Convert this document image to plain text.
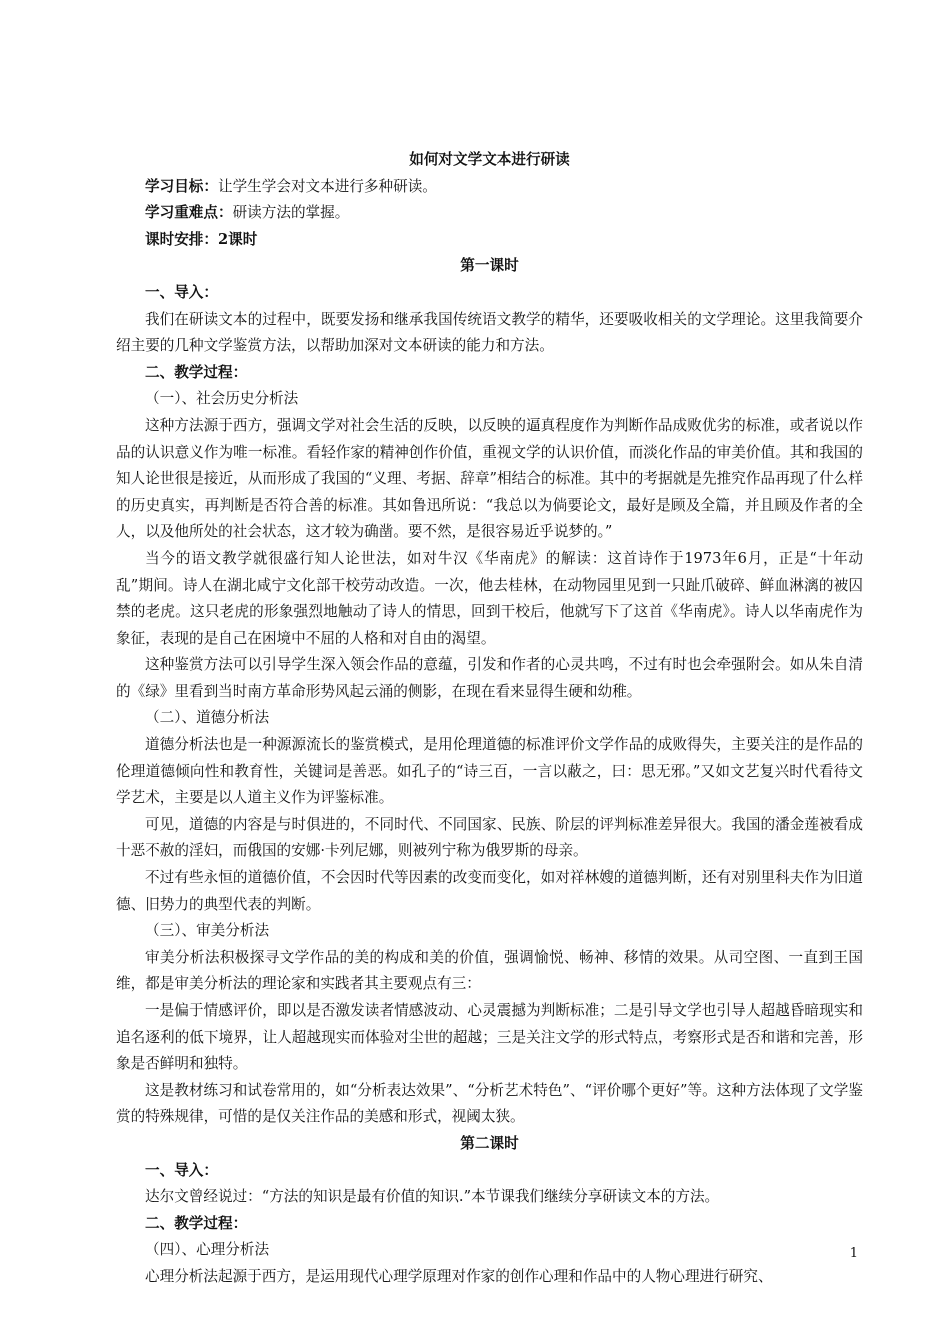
如何对文学文本进行研读

学习目标：让学生学会对文本进行多种研读。

学习重难点：研读方法的掌握。

课时安排：2课时

第一课时

一、导入：

我们在研读文本的过程中，既要发扬和继承我国传统语文教学的精华，还要吸收相关的文学理论。这里我简要介绍主要的几种文学鉴赏方法，以帮助加深对文本研读的能力和方法。

二、教学过程：

（一）、社会历史分析法

这种方法源于西方，强调文学对社会生活的反映，以反映的逼真程度作为判断作品成败优劣的标准，或者说以作品的认识意义作为唯一标准。看轻作家的精神创作价值，重视文学的认识价值，而淡化作品的审美价值。其和我国的知人论世很是接近，从而形成了我国的“义理、考据、辞章”相结合的标准。其中的考据就是先推究作品再现了什么样的历史真实，再判断是否符合善的标准。其如鲁迅所说：“我总以为倘要论文，最好是顾及全篇，并且顾及作者的全人，以及他所处的社会状态，这才较为确凿。要不然，是很容易近乎说梦的。”

当今的语文教学就很盛行知人论世法，如对牛汉《华南虎》的解读：这首诗作于1973年6月，正是“十年动乱”期间。诗人在湖北咸宁文化部干校劳动改造。一次，他去桂林，在动物园里见到一只趾爪破碎、鲜血淋漓的被囚禁的老虎。这只老虎的形象强烈地触动了诗人的情思，回到干校后，他就写下了这首《华南虎》。诗人以华南虎作为象征，表现的是自己在困境中不屈的人格和对自由的渴望。

这种鉴赏方法可以引导学生深入领会作品的意蕴，引发和作者的心灵共鸣，不过有时也会牵强附会。如从朱自清的《绿》里看到当时南方革命形势风起云涌的侧影，在现在看来显得生硬和幼稚。

（二）、道德分析法

道德分析法也是一种源源流长的鉴赏模式，是用伦理道德的标准评价文学作品的成败得失，主要关注的是作品的伦理道德倾向性和教育性，关键词是善恶。如孔子的“诗三百，一言以蔽之，曰：思无邪。”又如文艺复兴时代看待文学艺术，主要是以人道主义作为评鉴标准。

可见，道德的内容是与时俱进的，不同时代、不同国家、民族、阶层的评判标准差异很大。我国的潘金莲被看成十恶不赦的淫妇，而俄国的安娜·卡列尼娜，则被列宁称为俄罗斯的母亲。

不过有些永恒的道德价值，不会因时代等因素的改变而变化，如对祥林嫂的道德判断，还有对别里科夫作为旧道德、旧势力的典型代表的判断。

（三）、审美分析法

审美分析法积极探寻文学作品的美的构成和美的价值，强调愉悦、畅神、移情的效果。从司空图、一直到王国维，都是审美分析法的理论家和实践者其主要观点有三：

一是偏于情感评价，即以是否激发读者情感波动、心灵震撼为判断标准；二是引导文学也引导人超越昏暗现实和追名逐利的低下境界，让人超越现实而体验对尘世的超越；三是关注文学的形式特点，考察形式是否和谐和完善，形象是否鲜明和独特。

这是教材练习和试卷常用的，如“分析表达效果”、“分析艺术特色”、“评价哪个更好”等。这种方法体现了文学鉴赏的特殊规律，可惜的是仅关注作品的美感和形式，视阈太狭。

第二课时

一、导入：

达尔文曾经说过：“方法的知识是最有价值的知识.”本节课我们继续分享研读文本的方法。

二、教学过程：

（四）、心理分析法

心理分析法起源于西方，是运用现代心理学原理对作家的创作心理和作品中的人物心理进行研究、

1
